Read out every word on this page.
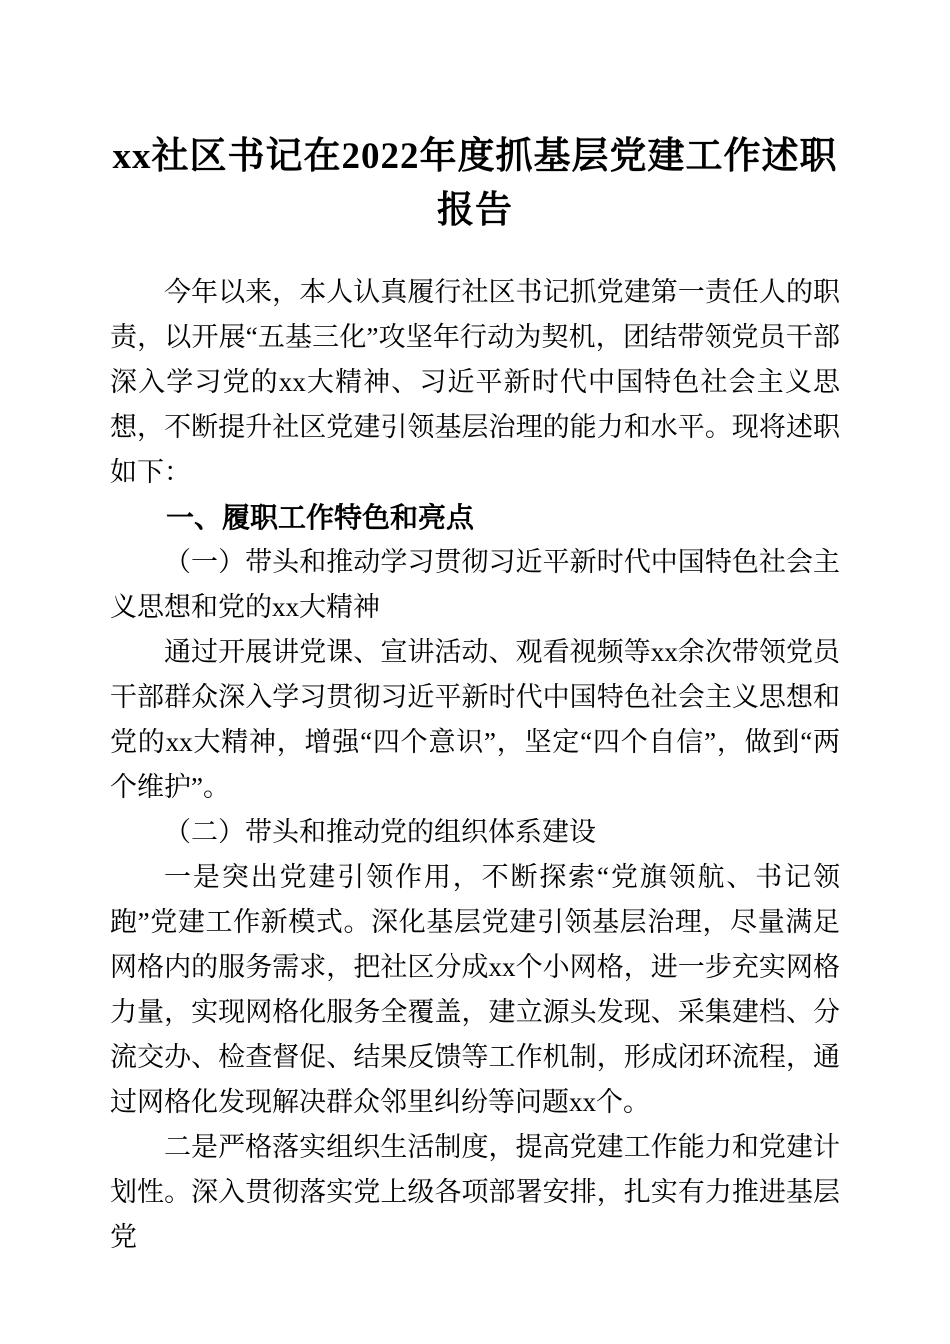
xx社区书记在2022年度抓基层党建工作述职报告

今年以来，本人认真履行社区书记抓党建第一责任人的职责，以开展“五基三化”攻坚年行动为契机，团结带领党员干部深入学习党的xx大精神、习近平新时代中国特色社会主义思想，不断提升社区党建引领基层治理的能力和水平。现将述职如下：

一、履职工作特色和亮点
（一）带头和推动学习贯彻习近平新时代中国特色社会主义思想和党的xx大精神

通过开展讲党课、宣讲活动、观看视频等xx余次带领党员干部群众深入学习贯彻习近平新时代中国特色社会主义思想和党的xx大精神，增强“四个意识”，坚定“四个自信”，做到“两个维护”。

（二）带头和推动党的组织体系建设

一是突出党建引领作用，不断探索“党旗领航、书记领跑”党建工作新模式。深化基层党建引领基层治理，尽量满足网格内的服务需求，把社区分成xx个小网格，进一步充实网格力量，实现网格化服务全覆盖，建立源头发现、采集建档、分流交办、检查督促、结果反馈等工作机制，形成闭环流程，通过网格化发现解决群众邻里纠纷等问题xx个。

二是严格落实组织生活制度，提高党建工作能力和党建计划性。深入贯彻落实党上级各项部署安排，扎实有力推进基层党
